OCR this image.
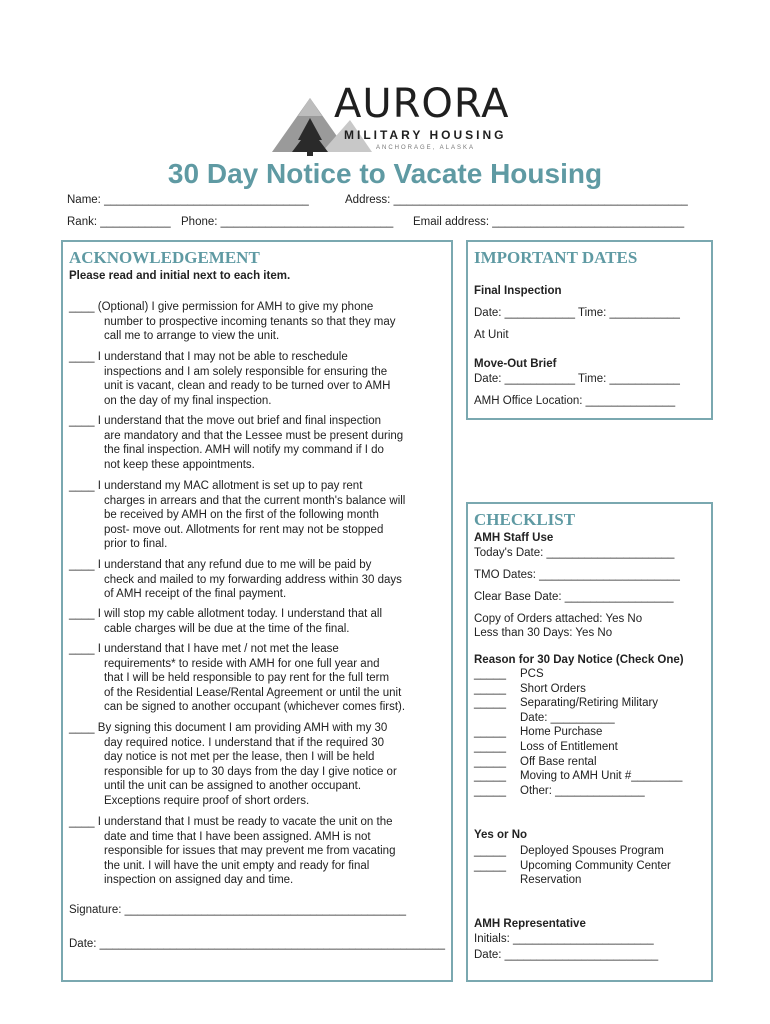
AURORA
MILITARY HOUSING
ANCHORAGE, ALASKA
30 Day Notice to Vacate Housing
Name: ________________________________	Address: ______________________________________________
Rank: ___________ Phone: ___________________________ Email address: ______________________________
ACKNOWLEDGEMENT
Please read and initial next to each item.
____ (Optional) I give permission for AMH to give my phone
number to prospective incoming tenants so that they may
call me to arrange to view the unit.
____ I understand that I may not be able to reschedule
inspections and I am solely responsible for ensuring the
unit is vacant, clean and ready to be turned over to AMH
on the day of my final inspection.
____ I understand that the move out brief and final inspection
are mandatory and that the Lessee must be present during
the final inspection. AMH will notify my command if I do
not keep these appointments.
____ I understand my MAC allotment is set up to pay rent
charges in arrears and that the current month's balance will
be received by AMH on the first of the following month
post- move out. Allotments for rent may not be stopped
prior to final.
____ I understand that any refund due to me will be paid by
check and mailed to my forwarding address within 30 days
of AMH receipt of the final payment.
____ I will stop my cable allotment today. I understand that all
cable charges will be due at the time of the final.
____ I understand that I have met / not met the lease
requirements* to reside with AMH for one full year and
that I will be held responsible to pay rent for the full term
of the Residential Lease/Rental Agreement or until the unit
can be signed to another occupant (whichever comes first).
____ By signing this document I am providing AMH with my 30
day required notice. I understand that if the required 30
day notice is not met per the lease, then I will be held
responsible for up to 30 days from the day I give notice or
until the unit can be assigned to another occupant.
Exceptions require proof of short orders.
____ I understand that I must be ready to vacate the unit on the
date and time that I have been assigned. AMH is not
responsible for issues that may prevent me from vacating
the unit. I will have the unit empty and ready for final
inspection on assigned day and time.
Signature: ____________________________________________
Date: ______________________________________________________
IMPORTANT DATES
Final Inspection
Date: ___________ Time: ___________
At Unit
Move-Out Brief
Date: ___________ Time: ___________
AMH Office Location: ______________
CHECKLIST
AMH Staff Use
Today's Date: ____________________
TMO Dates: ______________________
Clear Base Date: _________________
Copy of Orders attached: Yes No
Less than 30 Days: Yes No
Reason for 30 Day Notice (Check One)
_____ PCS
_____ Short Orders
_____ Separating/Retiring Military
Date: __________
_____ Home Purchase
_____ Loss of Entitlement
_____ Off Base rental
_____ Moving to AMH Unit #________
_____ Other: ______________
Yes or No
_____ Deployed Spouses Program
_____ Upcoming Community Center
Reservation
AMH Representative
Initials: ______________________
Date: ________________________
